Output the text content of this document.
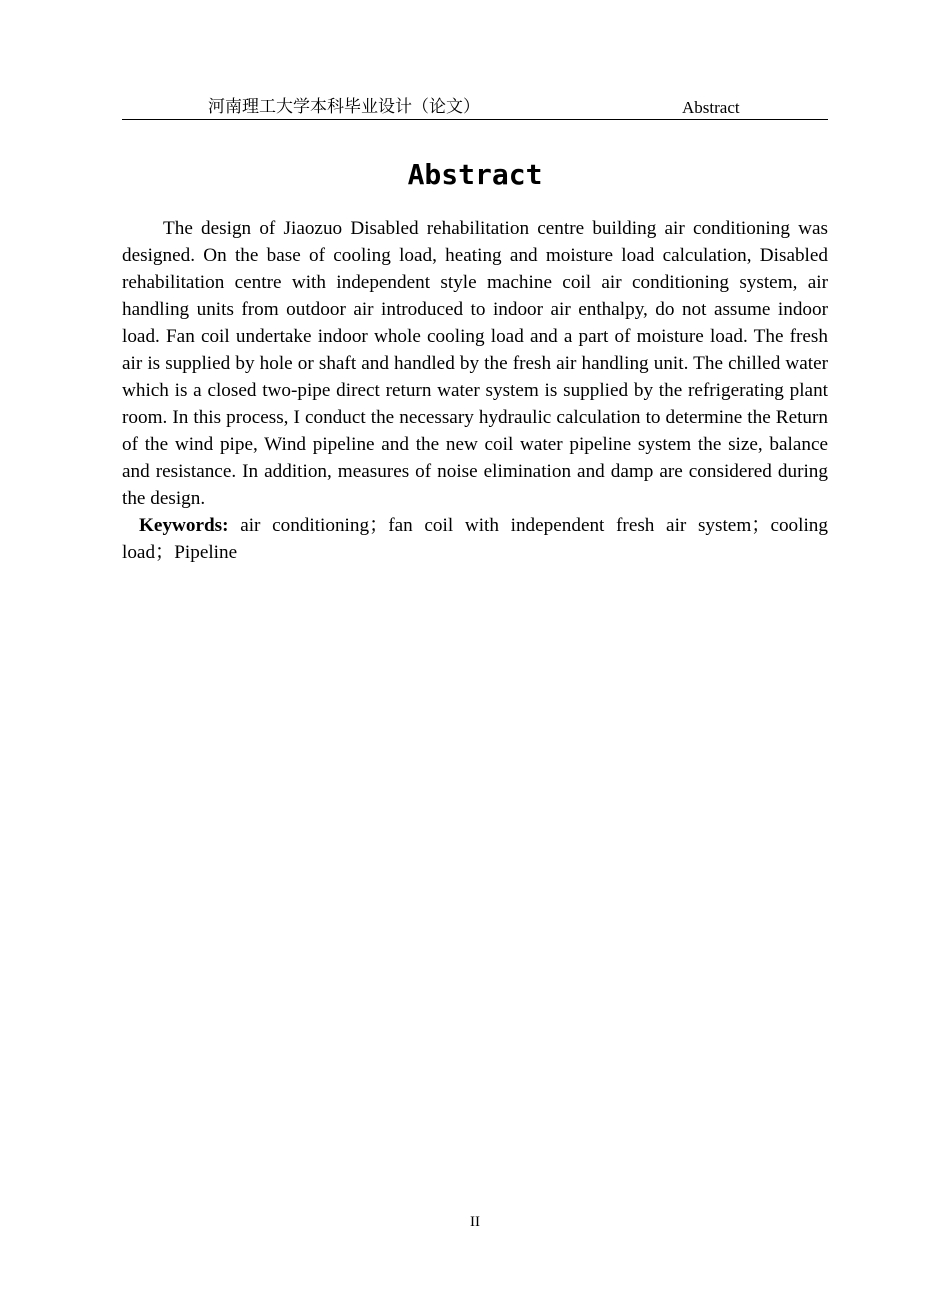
河南理工大学本科毕业设计（论文）	Abstract
Abstract

The design of Jiaozuo Disabled rehabilitation centre building air conditioning was designed. On the base of cooling load, heating and moisture load calculation, Disabled rehabilitation centre with independent style machine coil air conditioning system, air handling units from outdoor air introduced to indoor air enthalpy, do not assume indoor load. Fan coil undertake indoor whole cooling load and a part of moisture load. The fresh air is supplied by hole or shaft and handled by the fresh air handling unit. The chilled water which is a closed two-pipe direct return water system is supplied by the refrigerating plant room. In this process, I conduct the necessary hydraulic calculation to determine the Return of the wind pipe, Wind pipeline and the new coil water pipeline system the size, balance and resistance. In addition, measures of noise elimination and damp are considered during the design.

Keywords: air conditioning；fan coil with independent fresh air system；cooling load；Pipeline

II
